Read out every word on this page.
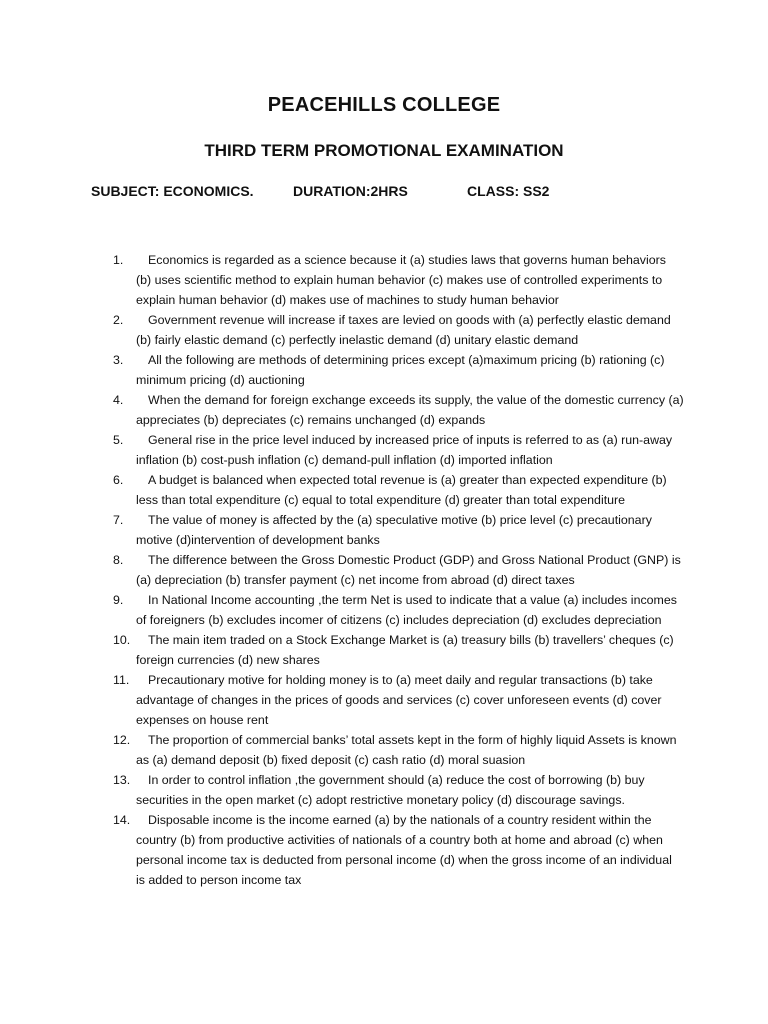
PEACEHILLS COLLEGE
THIRD TERM PROMOTIONAL EXAMINATION
SUBJECT: ECONOMICS.	DURATION:2HRS	CLASS: SS2
1.	Economics is regarded as a science because it (a) studies laws that governs human behaviors (b) uses scientific method to explain human behavior (c) makes use of controlled experiments to explain human behavior (d) makes use of machines to study human behavior
2.	Government revenue will increase if taxes are levied on goods with (a) perfectly elastic demand (b) fairly elastic demand (c) perfectly inelastic demand (d) unitary elastic demand
3.	All the following are methods of determining prices except (a)maximum pricing (b) rationing (c) minimum pricing (d) auctioning
4.	When the demand for foreign exchange exceeds its supply, the value of the domestic currency (a) appreciates (b) depreciates (c) remains unchanged (d) expands
5.	General rise in the price level induced by increased price of inputs is referred to as (a) run-away inflation (b) cost-push inflation (c) demand-pull inflation (d) imported inflation
6.	A budget is balanced when expected total revenue is (a) greater than expected expenditure (b) less than total expenditure (c) equal to total expenditure (d) greater than total expenditure
7.	The value of money is affected by the (a) speculative motive (b) price level (c) precautionary motive (d)intervention of development banks
8.	The difference between the Gross Domestic Product (GDP) and Gross National Product (GNP) is (a) depreciation (b) transfer payment (c) net income from abroad (d) direct taxes
9.	In National Income accounting ,the term Net is used to indicate that a value (a) includes incomes of foreigners (b) excludes incomer of citizens (c) includes depreciation (d) excludes depreciation
10.	The main item traded on a Stock Exchange Market is (a) treasury bills (b) travellers’ cheques (c) foreign currencies (d) new shares
11.	Precautionary motive for holding money is to (a) meet daily and regular transactions (b) take advantage of changes in the prices of goods and services (c) cover unforeseen events (d) cover expenses on house rent
12.	The proportion of commercial banks’ total assets kept in the form of highly liquid Assets is known as (a) demand deposit (b) fixed deposit (c) cash ratio (d) moral suasion
13.	In order to control inflation ,the government should (a) reduce the cost of borrowing (b) buy securities in the open market (c) adopt restrictive monetary policy (d) discourage savings.
14.	Disposable income is the income earned (a) by the nationals of a country resident within the country (b) from productive activities of nationals of a country both at home and abroad (c) when personal income tax is deducted from personal income (d) when the gross income of an individual is added to person income tax
